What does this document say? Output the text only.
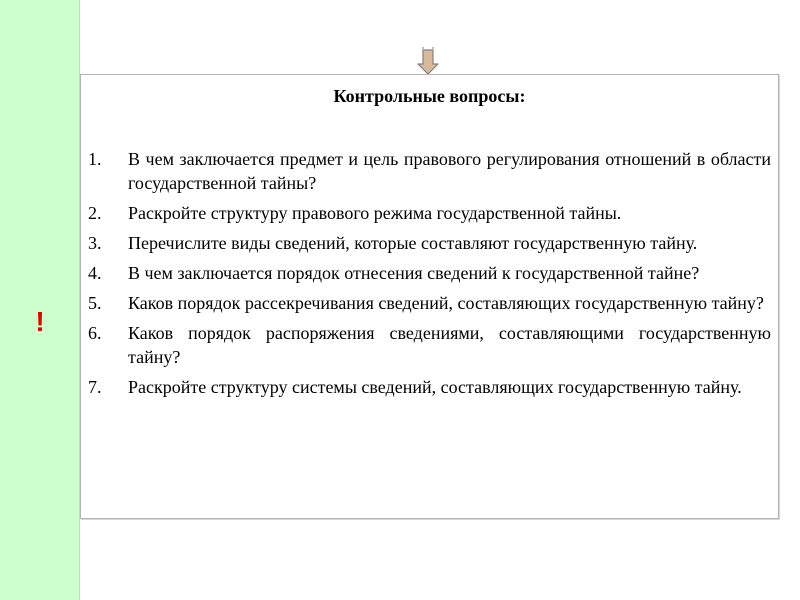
!
Контрольные вопросы:
1. В чем заключается предмет и цель правового регулирования отношений в области государственной тайны?
2. Раскройте структуру правового режима государственной тайны.
3. Перечислите виды сведений, которые составляют государственную тайну.
4. В чем заключается порядок отнесения сведений к государственной тайне?
5. Каков порядок рассекречивания сведений, составляющих государственную тайну?
6. Каков порядок распоряжения сведениями, составляющими государственную тайну?
7. Раскройте структуру системы сведений, составляющих государственную тайну.
